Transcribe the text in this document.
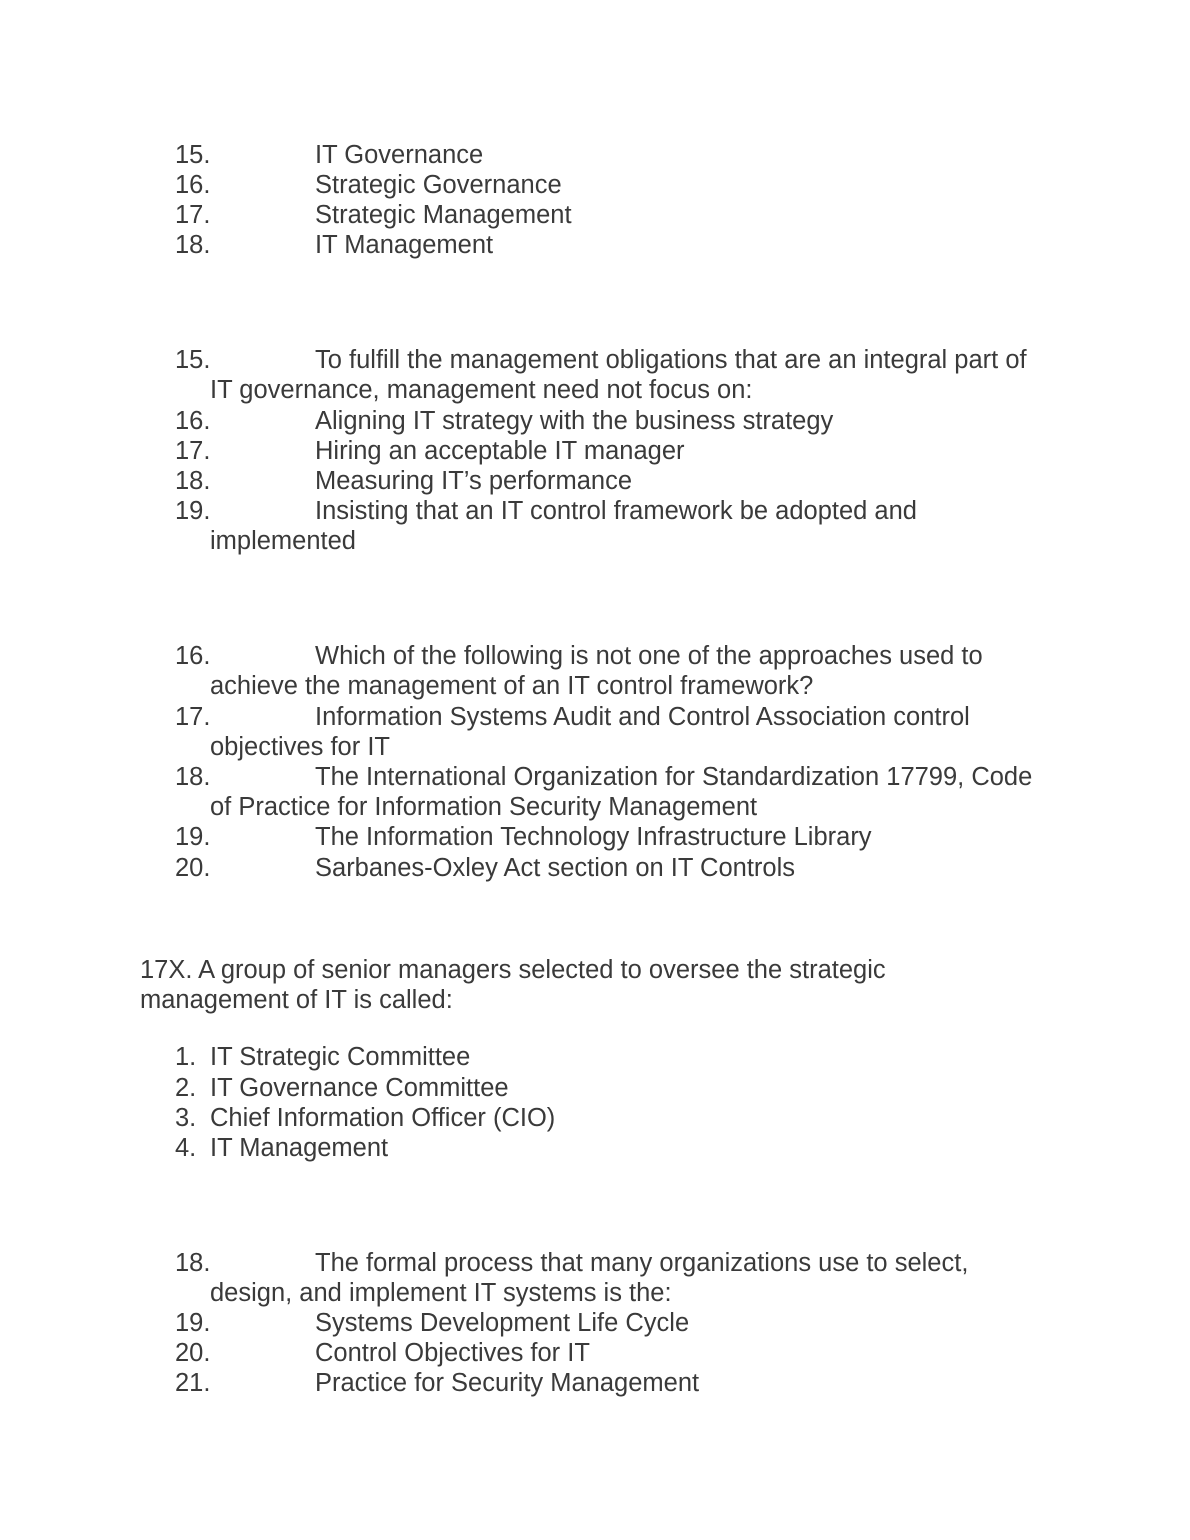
15.	IT Governance
16.	Strategic Governance
17.	Strategic Management
18.	IT Management
15.	To fulfill the management obligations that are an integral part of IT governance, management need not focus on:
16.	Aligning IT strategy with the business strategy
17.	Hiring an acceptable IT manager
18.	Measuring IT’s performance
19.	Insisting that an IT control framework be adopted and implemented
16.	Which of the following is not one of the approaches used to achieve the management of an IT control framework?
17.	Information Systems Audit and Control Association control objectives for IT
18.	The International Organization for Standardization 17799, Code of Practice for Information Security Management
19.	The Information Technology Infrastructure Library
20.	Sarbanes-Oxley Act section on IT Controls
17X. A group of senior managers selected to oversee the strategic management of IT is called:
1. IT Strategic Committee
2. IT Governance Committee
3. Chief Information Officer (CIO)
4. IT Management
18.	The formal process that many organizations use to select, design, and implement IT systems is the:
19.	Systems Development Life Cycle
20.	Control Objectives for IT
21.	Practice for Security Management
